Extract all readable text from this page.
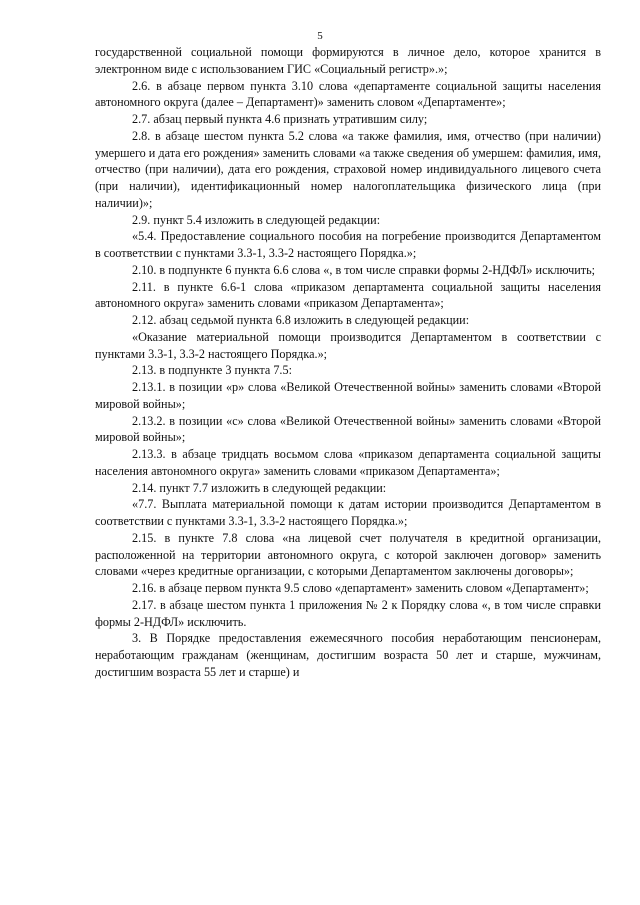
5

государственной социальной помощи формируются в личное дело, которое хранится в электронном виде с использованием ГИС «Социальный регистр».»;

2.6. в абзаце первом пункта 3.10 слова «департаменте социальной защиты населения автономного округа (далее – Департамент)» заменить словом «Департаменте»;

2.7. абзац первый пункта 4.6 признать утратившим силу;

2.8. в абзаце шестом пункта 5.2 слова «а также фамилия, имя, отчество (при наличии) умершего и дата его рождения» заменить словами «а также сведения об умершем: фамилия, имя, отчество (при наличии), дата его рождения, страховой номер индивидуального лицевого счета (при наличии), идентификационный номер налогоплательщика физического лица (при наличии)»;

2.9. пункт 5.4 изложить в следующей редакции:

«5.4. Предоставление социального пособия на погребение производится Департаментом в соответствии с пунктами 3.3-1, 3.3-2 настоящего Порядка.»;

2.10. в подпункте 6 пункта 6.6 слова «, в том числе справки формы 2-НДФЛ» исключить;

2.11. в пункте 6.6-1 слова «приказом департамента социальной защиты населения автономного округа» заменить словами «приказом Департамента»;

2.12. абзац седьмой пункта 6.8 изложить в следующей редакции:

«Оказание материальной помощи производится Департаментом в соответствии с пунктами 3.3-1, 3.3-2 настоящего Порядка.»;

2.13. в подпункте 3 пункта 7.5:

2.13.1. в позиции «р» слова «Великой Отечественной войны» заменить словами «Второй мировой войны»;

2.13.2. в позиции «с» слова «Великой Отечественной войны» заменить словами «Второй мировой войны»;

2.13.3. в абзаце тридцать восьмом слова «приказом департамента социальной защиты населения автономного округа» заменить словами «приказом Департамента»;

2.14. пункт 7.7 изложить в следующей редакции:

«7.7. Выплата материальной помощи к датам истории производится Департаментом в соответствии с пунктами 3.3-1, 3.3-2 настоящего Порядка.»;

2.15. в пункте 7.8 слова «на лицевой счет получателя в кредитной организации, расположенной на территории автономного округа, с которой заключен договор» заменить словами «через кредитные организации, с которыми Департаментом заключены договоры»;

2.16. в абзаце первом пункта 9.5 слово «департамент» заменить словом «Департамент»;

2.17. в абзаце шестом пункта 1 приложения № 2 к Порядку слова «, в том числе справки формы 2-НДФЛ» исключить.

3. В Порядке предоставления ежемесячного пособия неработающим пенсионерам, неработающим гражданам (женщинам, достигшим возраста 50 лет и старше, мужчинам, достигшим возраста 55 лет и старше) и
